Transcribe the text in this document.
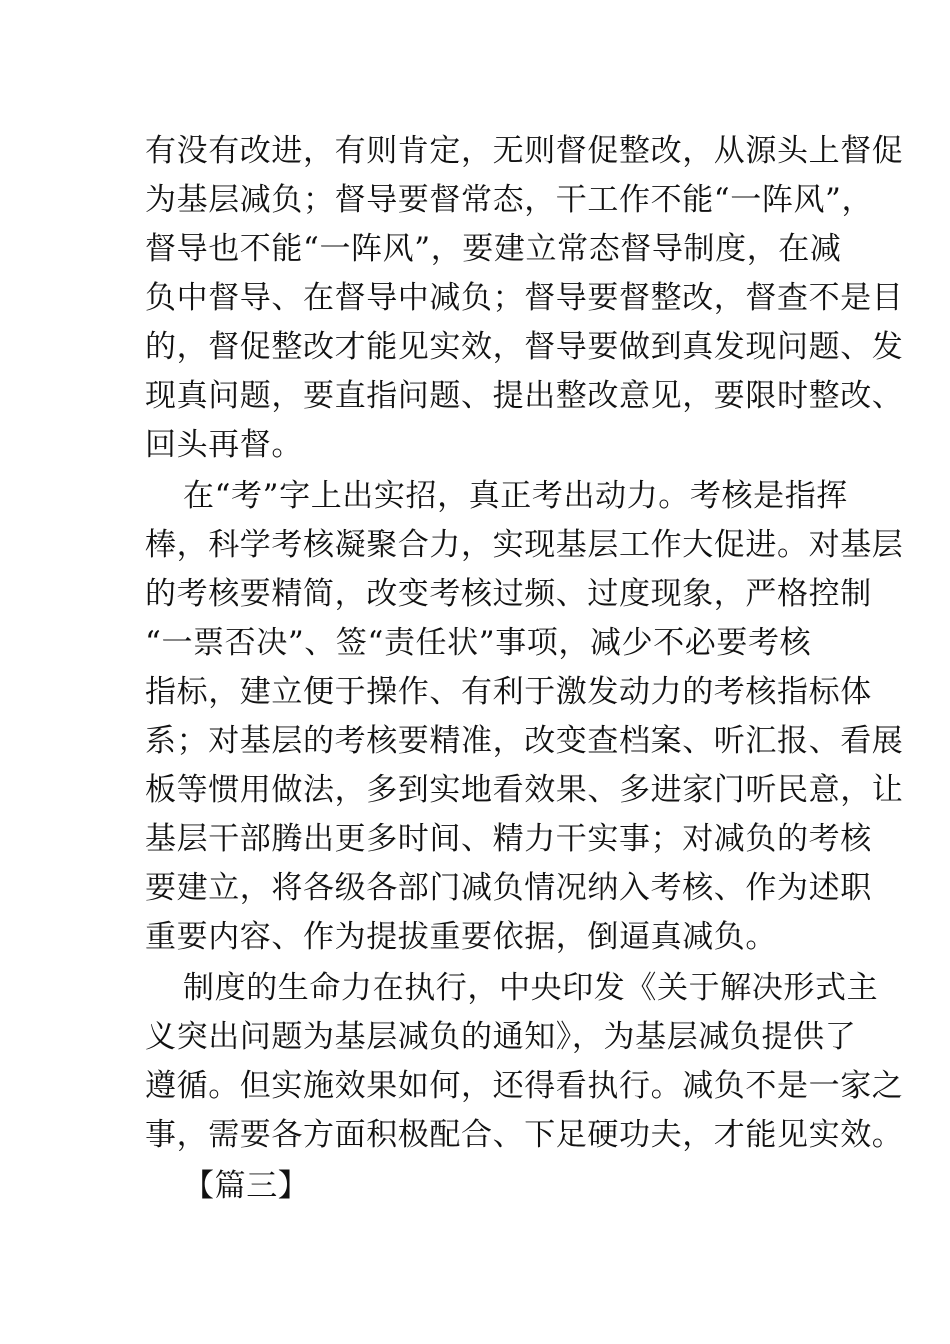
有没有改进，有则肯定，无则督促整改，从源头上督促
为基层减负；督导要督常态，干工作不能“一阵风”，
督导也不能“一阵风”，要建立常态督导制度，在减
负中督导、在督导中减负；督导要督整改，督查不是目
的，督促整改才能见实效，督导要做到真发现问题、发
现真问题，要直指问题、提出整改意见，要限时整改、
回头再督。
在“考”字上出实招，真正考出动力。考核是指挥
棒，科学考核凝聚合力，实现基层工作大促进。对基层
的考核要精简，改变考核过频、过度现象，严格控制
“一票否决”、签“责任状”事项，减少不必要考核
指标，建立便于操作、有利于激发动力的考核指标体
系；对基层的考核要精准，改变查档案、听汇报、看展
板等惯用做法，多到实地看效果、多进家门听民意，让
基层干部腾出更多时间、精力干实事；对减负的考核
要建立，将各级各部门减负情况纳入考核、作为述职
重要内容、作为提拔重要依据，倒逼真减负。
制度的生命力在执行，中央印发《关于解决形式主
义突出问题为基层减负的通知》，为基层减负提供了
遵循。但实施效果如何，还得看执行。减负不是一家之
事，需要各方面积极配合、下足硬功夫，才能见实效。
【篇三】
